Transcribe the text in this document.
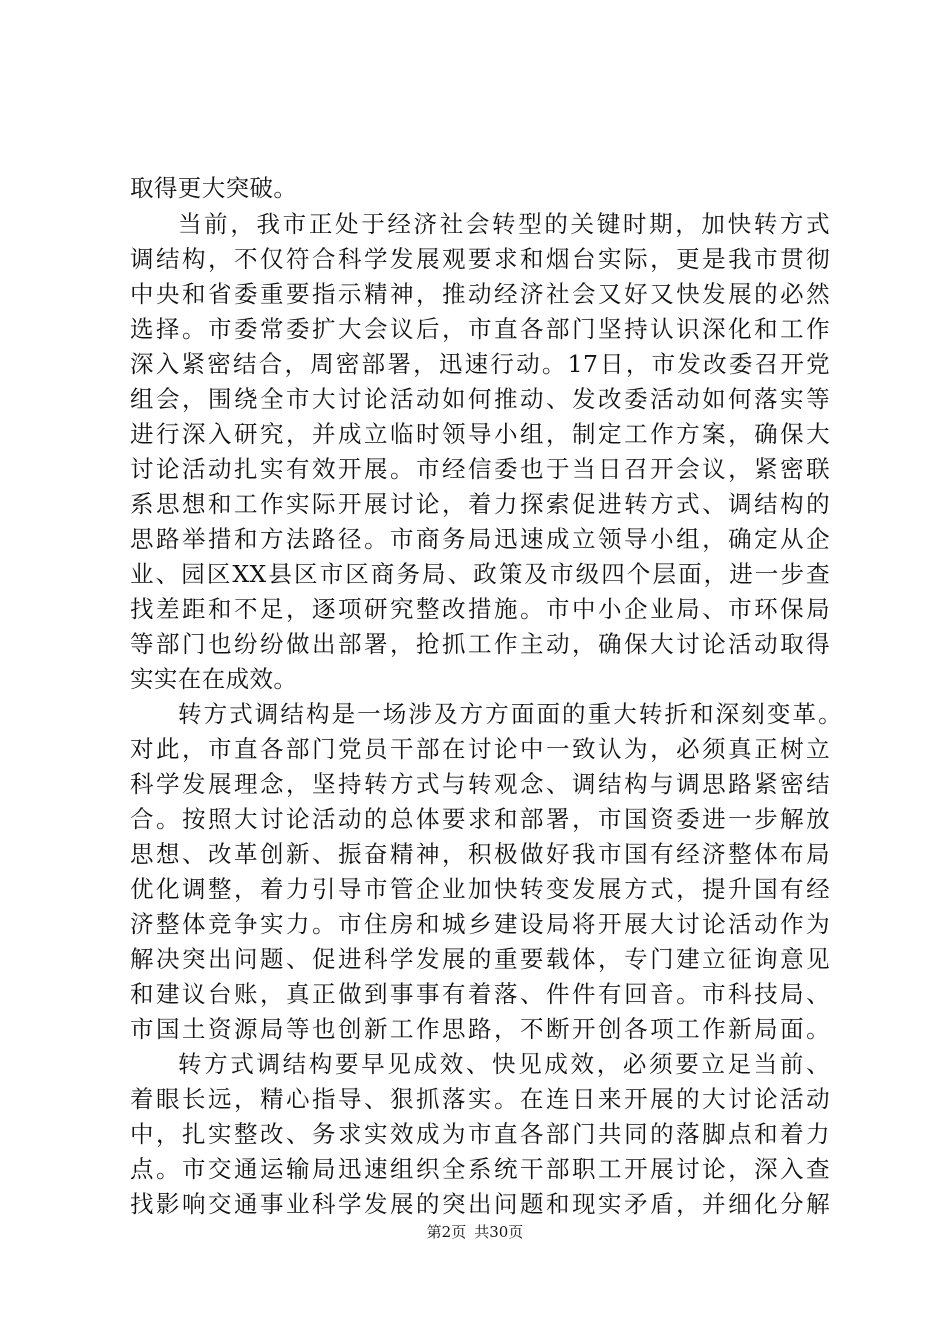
取得更大突破。
当前，我市正处于经济社会转型的关键时期，加快转方式
调结构，不仅符合科学发展观要求和烟台实际，更是我市贯彻
中央和省委重要指示精神，推动经济社会又好又快发展的必然
选择。市委常委扩大会议后，市直各部门坚持认识深化和工作
深入紧密结合，周密部署，迅速行动。17日，市发改委召开党
组会，围绕全市大讨论活动如何推动、发改委活动如何落实等
进行深入研究，并成立临时领导小组，制定工作方案，确保大
讨论活动扎实有效开展。市经信委也于当日召开会议，紧密联
系思想和工作实际开展讨论，着力探索促进转方式、调结构的
思路举措和方法路径。市商务局迅速成立领导小组，确定从企
业、园区XX县区市区商务局、政策及市级四个层面，进一步查
找差距和不足，逐项研究整改措施。市中小企业局、市环保局
等部门也纷纷做出部署，抢抓工作主动，确保大讨论活动取得
实实在在成效。
转方式调结构是一场涉及方方面面的重大转折和深刻变革。
对此，市直各部门党员干部在讨论中一致认为，必须真正树立
科学发展理念，坚持转方式与转观念、调结构与调思路紧密结
合。按照大讨论活动的总体要求和部署，市国资委进一步解放
思想、改革创新、振奋精神，积极做好我市国有经济整体布局
优化调整，着力引导市管企业加快转变发展方式，提升国有经
济整体竞争实力。市住房和城乡建设局将开展大讨论活动作为
解决突出问题、促进科学发展的重要载体，专门建立征询意见
和建议台账，真正做到事事有着落、件件有回音。市科技局、
市国土资源局等也创新工作思路，不断开创各项工作新局面。
转方式调结构要早见成效、快见成效，必须要立足当前、
着眼长远，精心指导、狠抓落实。在连日来开展的大讨论活动
中，扎实整改、务求实效成为市直各部门共同的落脚点和着力
点。市交通运输局迅速组织全系统干部职工开展讨论，深入查
找影响交通事业科学发展的突出问题和现实矛盾，并细化分解
第2页 共30页
